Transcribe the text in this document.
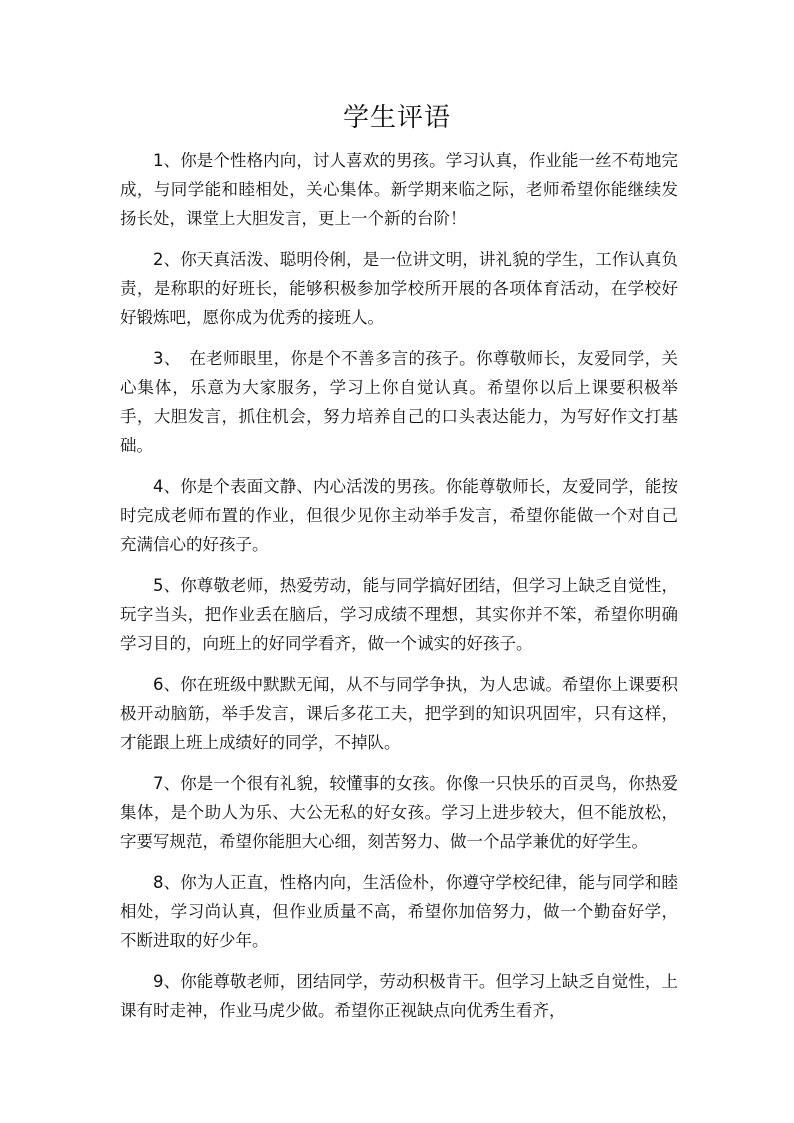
学生评语

1、你是个性格内向，讨人喜欢的男孩。学习认真，作业能一丝不苟地完成，与同学能和睦相处，关心集体。新学期来临之际，老师希望你能继续发扬长处，课堂上大胆发言，更上一个新的台阶！

2、你天真活泼、聪明伶俐，是一位讲文明，讲礼貌的学生，工作认真负责，是称职的好班长，能够积极参加学校所开展的各项体育活动，在学校好好锻炼吧，愿你成为优秀的接班人。

3、　在老师眼里，你是个不善多言的孩子。你尊敬师长，友爱同学，关心集体，乐意为大家服务，学习上你自觉认真。希望你以后上课要积极举手，大胆发言，抓住机会，努力培养自己的口头表达能力，为写好作文打基础。

4、你是个表面文静、内心活泼的男孩。你能尊敬师长，友爱同学，能按时完成老师布置的作业，但很少见你主动举手发言，希望你能做一个对自己充满信心的好孩子。

5、你尊敬老师，热爱劳动，能与同学搞好团结，但学习上缺乏自觉性，玩字当头，把作业丢在脑后，学习成绩不理想，其实你并不笨，希望你明确学习目的，向班上的好同学看齐，做一个诚实的好孩子。

6、你在班级中默默无闻，从不与同学争执，为人忠诚。希望你上课要积极开动脑筋，举手发言，课后多花工夫，把学到的知识巩固牢，只有这样，才能跟上班上成绩好的同学，不掉队。

7、你是一个很有礼貌，较懂事的女孩。你像一只快乐的百灵鸟，你热爱集体，是个助人为乐、大公无私的好女孩。学习上进步较大，但不能放松，字要写规范，希望你能胆大心细，刻苦努力、做一个品学兼优的好学生。

8、你为人正直，性格内向，生活俭朴，你遵守学校纪律，能与同学和睦相处，学习尚认真，但作业质量不高，希望你加倍努力，做一个勤奋好学，不断进取的好少年。

9、你能尊敬老师，团结同学，劳动积极肯干。但学习上缺乏自觉性，上课有时走神，作业马虎少做。希望你正视缺点向优秀生看齐，
